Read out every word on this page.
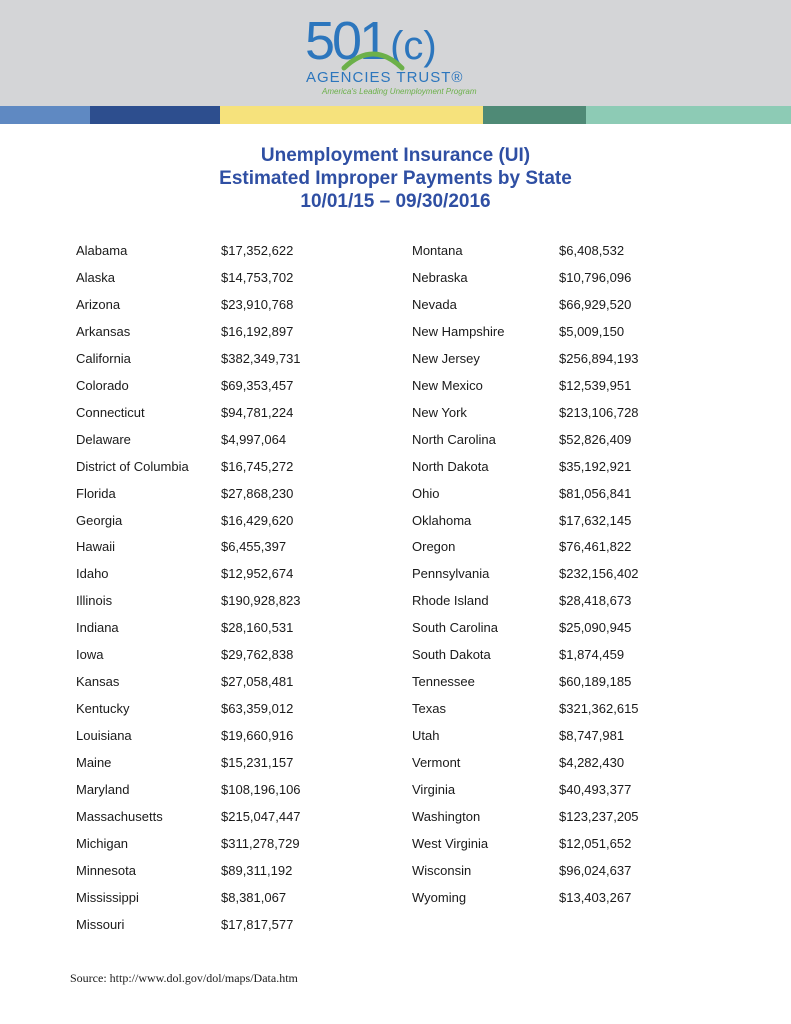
501 (c)
AGENCIES TRUST®
America's Leading Unemployment Program
Unemployment Insurance (UI)
Estimated Improper Payments by State
10/01/15 – 09/30/2016
Alabama	$17,352,622
Alaska	$14,753,702
Arizona	$23,910,768
Arkansas	$16,192,897
California	$382,349,731
Colorado	$69,353,457
Connecticut	$94,781,224
Delaware	$4,997,064
District of Columbia $16,745,272
Florida	$27,868,230
Georgia	$16,429,620
Hawaii	$6,455,397
Idaho	$12,952,674
Illinois	$190,928,823
Indiana	$28,160,531
Iowa	$29,762,838
Kansas	$27,058,481
Kentucky	$63,359,012
Louisiana	$19,660,916
Maine	$15,231,157
Maryland	$108,196,106
Massachusetts	$215,047,447
Michigan	$311,278,729
Minnesota	$89,311,192
Mississippi	$8,381,067
Missouri	$17,817,577
Montana	$6,408,532
Nebraska	$10,796,096
Nevada	$66,929,520
New Hampshire	$5,009,150
New Jersey	$256,894,193
New Mexico	$12,539,951
New York	$213,106,728
North Carolina	$52,826,409
North Dakota	$35,192,921
Ohio	$81,056,841
Oklahoma	$17,632,145
Oregon	$76,461,822
Pennsylvania	$232,156,402
Rhode Island	$28,418,673
South Carolina	$25,090,945
South Dakota	$1,874,459
Tennessee	$60,189,185
Texas	$321,362,615
Utah	$8,747,981
Vermont	$4,282,430
Virginia	$40,493,377
Washington	$123,237,205
West Virginia	$12,051,652
Wisconsin	$96,024,637
Wyoming	$13,403,267
Source: http://www.dol.gov/dol/maps/Data.htm
